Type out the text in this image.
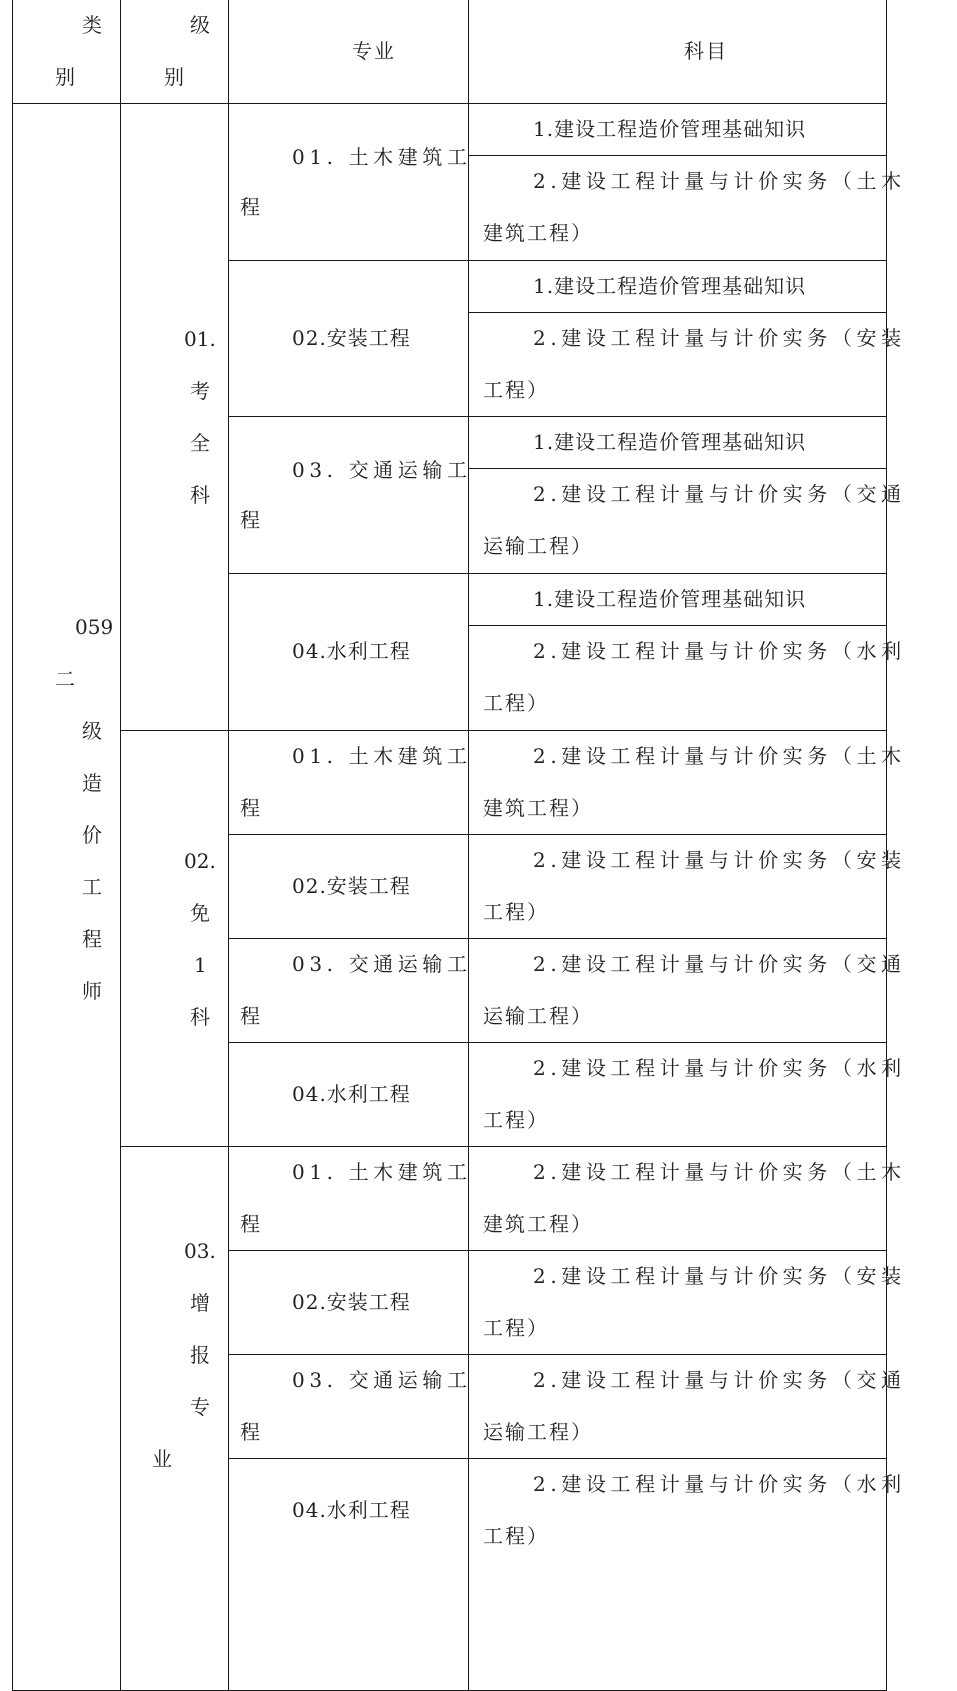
类
别
级
别
专业	科目
059
二
级
造
价
工
程
师
01.
考
全
科
02.
免
1
科
03.
增
报
专
业
01. 土木建筑工
程
1.建设工程造价管理基础知识
2.建设工程计量与计价实务（土木
建筑工程）
02.安装工程
1.建设工程造价管理基础知识
2.建设工程计量与计价实务（安装
工程）
03. 交通运输工
程
1.建设工程造价管理基础知识
2.建设工程计量与计价实务（交通
运输工程）
04.水利工程
1.建设工程造价管理基础知识
2.建设工程计量与计价实务（水利
工程）
01. 土木建筑工
程
2.建设工程计量与计价实务（土木
建筑工程）
02.安装工程
2.建设工程计量与计价实务（安装
工程）
03. 交通运输工
程
2.建设工程计量与计价实务（交通
运输工程）
04.水利工程
2.建设工程计量与计价实务（水利
工程）
01. 土木建筑工
程
2.建设工程计量与计价实务（土木
建筑工程）
02.安装工程
2.建设工程计量与计价实务（安装
工程）
03. 交通运输工
程
2.建设工程计量与计价实务（交通
运输工程）
04.水利工程
2.建设工程计量与计价实务（水利
工程）
